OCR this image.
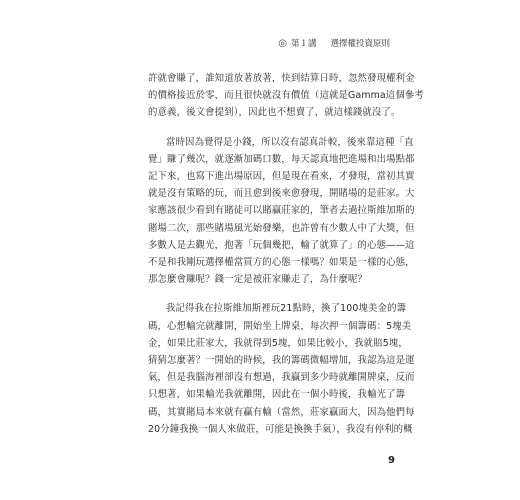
◎ 第１講 選擇權投資原則

許就會賺了，誰知道放著放著，快到結算日時，忽然發現權利金
的價格接近於零，而且很快就沒有價值（這就是Gamma這個參考
的意義，後文會提到），因此也不想賣了，就這樣錢就沒了。

當時因為覺得是小錢，所以沒有認真計較，後來靠這種「直
覺」賺了幾次，就逐漸加碼口數，每天認真地把進場和出場點都
記下來，也寫下進出場原因，但是現在看來，才發現，當初其實
就是沒有策略的玩，而且愈到後來愈發現，開賭場的是莊家。大
家應該很少看到有賭徒可以賭贏莊家的，筆者去過拉斯維加斯的
賭場二次，那些賭場風光始發樂，也許曾有少數人中了大獎，但
多數人是去觀光，抱著「玩個幾把，輸了就算了」的心態——這
不是和我剛玩選擇權當買方的心態一樣嗎？如果是一樣的心態，
那怎麼會賺呢？錢一定是被莊家賺走了，為什麼呢？

我記得我在拉斯維加斯裡玩21點時，換了100塊美金的籌
碼，心想輸完就離開，開始坐上牌桌，每次押一個籌碼：5塊美
金，如果比莊家大，我就得到5塊，如果比較小，我就賠5塊，
猜猜怎麼著？一開始的時候，我的籌碼微幅增加，我認為這是運
氣，但是我腦海裡卻沒有想過，我贏到多少時就離開牌桌，反而
只想著，如果輸光我就離開，因此在一個小時後，我輸光了籌
碼，其實賭局本來就有贏有輸（當然，莊家贏面大，因為他們每
20分鐘我換一個人來做莊，可能是換換手氣），我沒有停利的概

9
